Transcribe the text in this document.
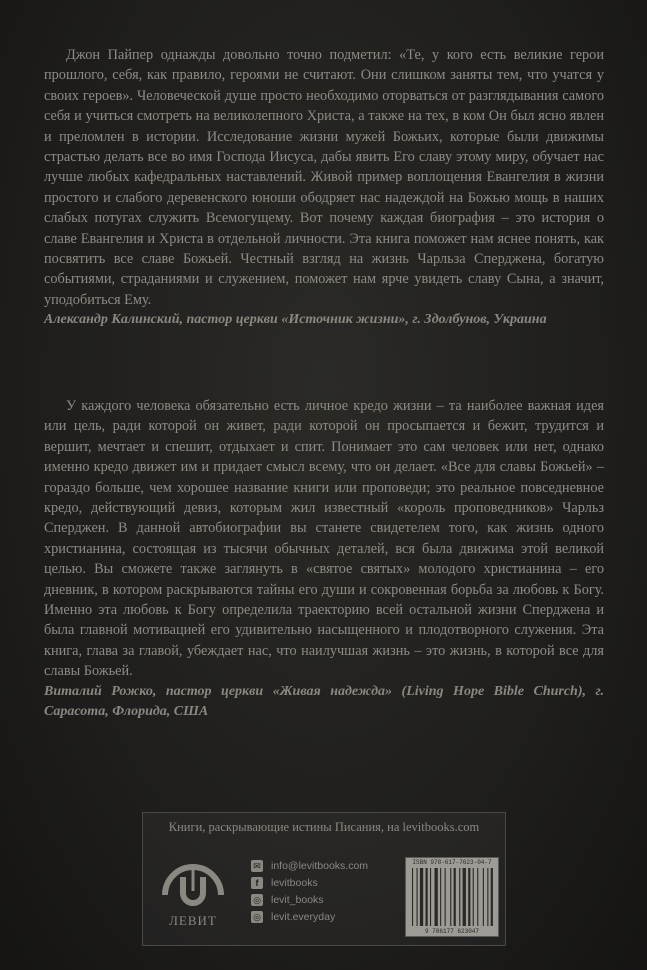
Джон Пайпер однажды довольно точно подметил: «Те, у кого есть великие герои прошлого, себя, как правило, героями не считают. Они слишком заняты тем, что учатся у своих героев». Человеческой душе просто необходимо оторваться от разглядывания самого себя и учиться смотреть на великолепного Христа, а также на тех, в ком Он был ясно явлен и преломлен в истории. Исследование жизни мужей Божьих, которые были движимы страстью делать все во имя Господа Иисуса, дабы явить Его славу этому миру, обучает нас лучше любых кафедральных наставлений. Живой пример воплощения Евангелия в жизни простого и слабого деревенского юноши ободряет нас надеждой на Божью мощь в наших слабых потугах служить Всемогущему. Вот почему каждая биография – это история о славе Евангелия и Христа в отдельной личности. Эта книга поможет нам яснее понять, как посвятить все славе Божьей. Честный взгляд на жизнь Чарльза Сперджена, богатую событиями, страданиями и служением, поможет нам ярче увидеть славу Сына, а значит, уподобиться Ему.

Александр Калинский, пастор церкви «Источник жизни», г. Здолбунов, Украина

У каждого человека обязательно есть личное кредо жизни – та наиболее важная идея или цель, ради которой он живет, ради которой он просыпается и бежит, трудится и вершит, мечтает и спешит, отдыхает и спит. Понимает это сам человек или нет, однако именно кредо движет им и придает смысл всему, что он делает. «Все для славы Божьей» – гораздо больше, чем хорошее название книги или проповеди; это реальное повседневное кредо, действующий девиз, которым жил известный «король проповедников» Чарльз Сперджен. В данной автобиографии вы станете свидетелем того, как жизнь одного христианина, состоящая из тысячи обычных деталей, вся была движима этой великой целью. Вы сможете также заглянуть в «святое святых» молодого христианина – его дневник, в котором раскрываются тайны его души и сокровенная борьба за любовь к Богу. Именно эта любовь к Богу определила траекторию всей остальной жизни Сперджена и была главной мотивацией его удивительно насыщенного и плодотворного служения. Эта книга, глава за главой, убеждает нас, что наилучшая жизнь – это жизнь, в которой все для славы Божьей.

Виталий Рожко, пастор церкви «Живая надежда» (Living Hope Bible Church), г. Сарасота, Флорида, США

Книги, раскрывающие истины Писания, на levitbooks.com
ЛЕВИТ
✉ info@levitbooks.com
f	levitbooks
◎ levit_books
◎ levit.everyday
ISBN 978-617-7623-04-7
9 786177 623047
